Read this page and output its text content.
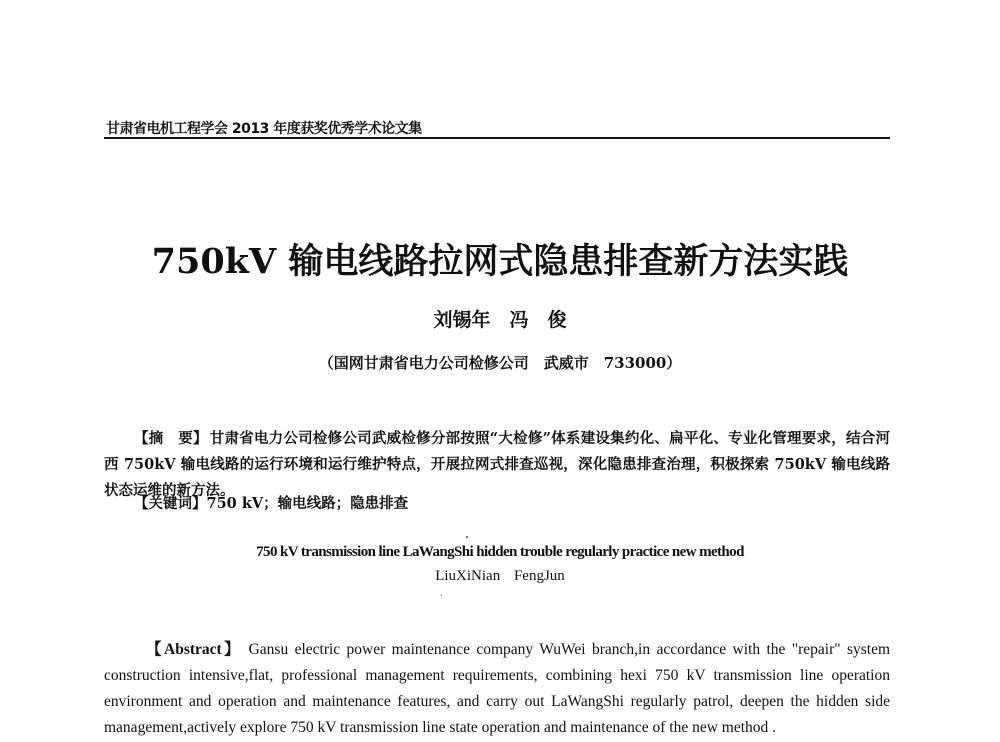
甘肃省电机工程学会 2013 年度获奖优秀学术论文集
750kV 输电线路拉网式隐患排查新方法实践
刘锡年　冯　俊
（国网甘肃省电力公司检修公司　武威市　733000）

【摘　要】 甘肃省电力公司检修公司武威检修分部按照“大检修”体系建设集约化、扁平化、专业化管理要求，结合河西 750kV 输电线路的运行环境和运行维护特点，开展拉网式排查巡视，深化隐患排查治理，积极探索 750kV 输电线路状态运维的新方法。

【关键词】750 kV；输电线路；隐患排查
750 kV transmission line LaWangShi hidden trouble regularly practice new method
LiuXiNian FengJun

【Abstract】 Gansu electric power maintenance company WuWei branch,in accordance with the "repair" system construction intensive,flat, professional management requirements, combining hexi 750 kV transmission line operation environment and operation and maintenance features, and carry out LaWangShi regularly patrol, deepen the hidden side management,actively explore 750 kV transmission line state operation and maintenance of the new method .
